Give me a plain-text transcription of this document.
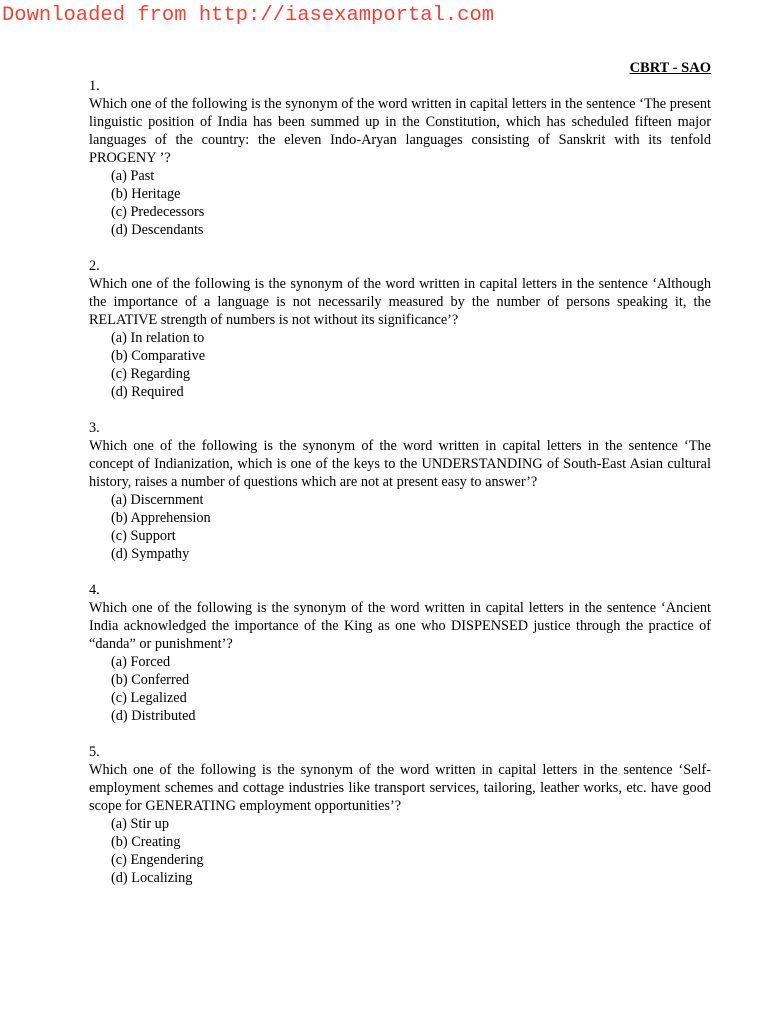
Downloaded from http://iasexamportal.com
CBRT - SAO
1.
Which one of the following is the synonym of the word written in capital letters in the sentence ‘The present linguistic position of India has been summed up in the Constitution, which has scheduled fifteen major languages of the country: the eleven Indo-Aryan languages consisting of Sanskrit with its tenfold PROGENY ’?
(a) Past
(b) Heritage
(c) Predecessors
(d) Descendants
2.
Which one of the following is the synonym of the word written in capital letters in the sentence ‘Although the importance of a language is not necessarily measured by the number of persons speaking it, the RELATIVE strength of numbers is not without its significance’?
(a) In relation to
(b) Comparative
(c) Regarding
(d) Required
3.
Which one of the following is the synonym of the word written in capital letters in the sentence ‘The concept of Indianization, which is one of the keys to the UNDERSTANDING of South-East Asian cultural history, raises a number of questions which are not at present easy to answer’?
(a) Discernment
(b) Apprehension
(c) Support
(d) Sympathy
4.
Which one of the following is the synonym of the word written in capital letters in the sentence ‘Ancient India acknowledged the importance of the King as one who DISPENSED justice through the practice of “danda” or punishment’?
(a) Forced
(b) Conferred
(c) Legalized
(d) Distributed
5.
Which one of the following is the synonym of the word written in capital letters in the sentence ‘Self-employment schemes and cottage industries like transport services, tailoring, leather works, etc. have good scope for GENERATING employment opportunities’?
(a) Stir up
(b) Creating
(c) Engendering
(d) Localizing
